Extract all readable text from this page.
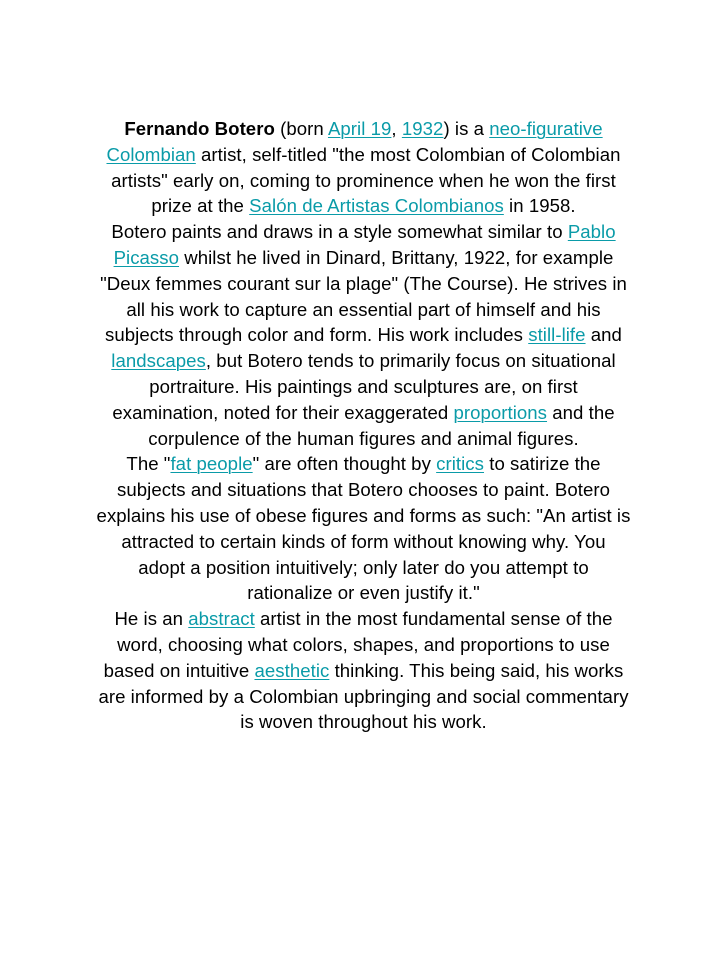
Fernando Botero (born April 19, 1932) is a neo-figurative Colombian artist, self-titled "the most Colombian of Colombian artists" early on, coming to prominence when he won the first prize at the Salón de Artistas Colombianos in 1958.

Botero paints and draws in a style somewhat similar to Pablo Picasso whilst he lived in Dinard, Brittany, 1922, for example "Deux femmes courant sur la plage" (The Course). He strives in all his work to capture an essential part of himself and his subjects through color and form. His work includes still-life and landscapes, but Botero tends to primarily focus on situational portraiture. His paintings and sculptures are, on first examination, noted for their exaggerated proportions and the corpulence of the human figures and animal figures.

The "fat people" are often thought by critics to satirize the subjects and situations that Botero chooses to paint. Botero explains his use of obese figures and forms as such: "An artist is attracted to certain kinds of form without knowing why. You adopt a position intuitively; only later do you attempt to rationalize or even justify it."

He is an abstract artist in the most fundamental sense of the word, choosing what colors, shapes, and proportions to use based on intuitive aesthetic thinking. This being said, his works are informed by a Colombian upbringing and social commentary is woven throughout his work.
